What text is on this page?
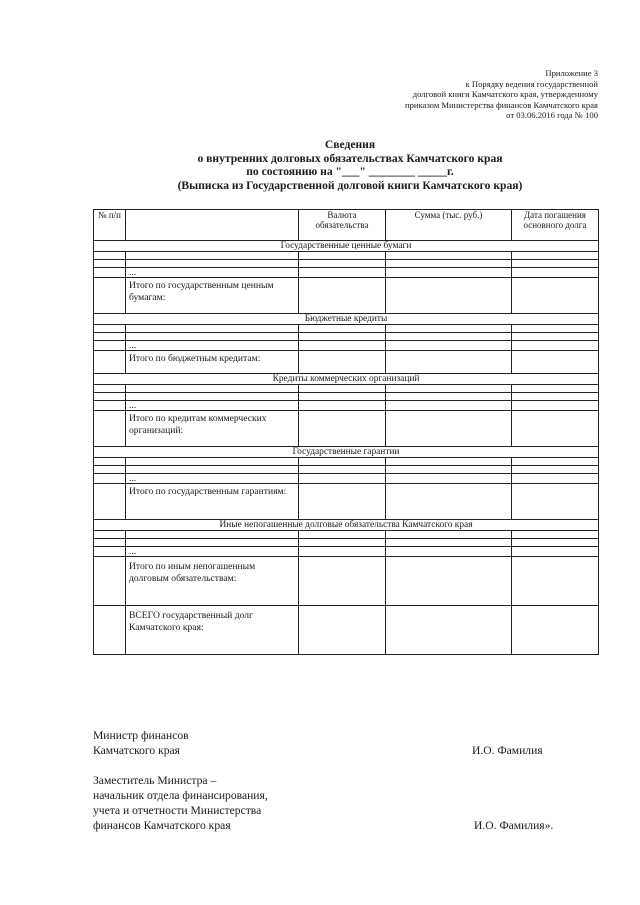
Приложение 3
к Порядку ведения государственной
долговой книги Камчатского края, утвержденному
приказом Министерства финансов Камчатского края
от 03.06.2016 года № 100
Сведения
о внутренних долговых обязательствах Камчатского края
по состоянию на "___" ________ _____г.
(Выписка из Государственной долговой книги Камчатского края)
№ п/п		Валюта обязательства	Сумма (тыс. руб.)	Дата погашения основного долга
Государственные ценные бумаги				

	...			
	Итого по государственным ценным бумагам:			
Бюджетные кредиты				

	...			
	Итого по бюджетным кредитам:			
Кредиты коммерческих организаций				

	...			
	Итого по кредитам коммерческих организаций:			
Государственные гарантии				

	...			
	Итого по государственным гарантиям:			
Иные непогашенные долговые обязательства Камчатского края				

	...			
	Итого по иным непогашенным долговым обязательствам:			
	ВСЕГО государственный долг Камчатского края:			
Министр финансов
Камчатского края	И.О. Фамилия
Заместитель Министра –
начальник отдела финансирования,
учета и отчетности Министерства
финансов Камчатского края	И.О. Фамилия».
